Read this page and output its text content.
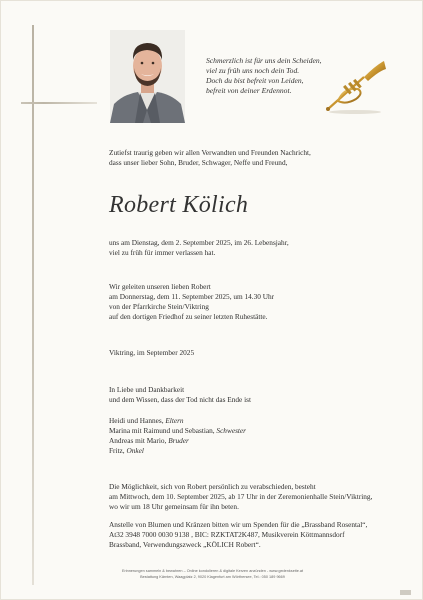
Schmerzlich ist für uns dein Scheiden,
viel zu früh uns noch dein Tod.
Doch du bist befreit von Leiden,
befreit von deiner Erdennot.
Zutiefst traurig geben wir allen Verwandten und Freunden Nachricht,
dass unser lieber Sohn, Bruder, Schwager, Neffe und Freund,
Robert Kölich
uns am Dienstag, dem 2. September 2025, im 26. Lebensjahr,
viel zu früh für immer verlassen hat.
Wir geleiten unseren lieben Robert
am Donnerstag, dem 11. September 2025, um 14.30 Uhr
von der Pfarrkirche Stein/Viktring
auf den dortigen Friedhof zu seiner letzten Ruhestätte.
Viktring, im September 2025
In Liebe und Dankbarkeit
und dem Wissen, dass der Tod nicht das Ende ist
Heidi und Hannes, Eltern
Marina mit Raimund und Sebastian, Schwester
Andreas mit Mario, Bruder
Fritz, Onkel
Die Möglichkeit, sich von Robert persönlich zu verabschieden, besteht
am Mittwoch, dem 10. September 2025, ab 17 Uhr in der Zeremonienhalle Stein/Viktring,
wo wir um 18 Uhr gemeinsam für ihn beten.
Anstelle von Blumen und Kränzen bitten wir um Spenden für die „Brassband Rosental“,
At32 3948 7000 0030 9138 , BIC: RZKTAT2K487, Musikverein Köttmannsdorf
Brassband, Verwendungszweck „KÖLICH Robert“.
Erinnerungen sammeln & bewahren – Online kondolieren & digitale Kerzen anzünden - www.gedenkseite.at
Bestattung Kärnten, Waagplatz 2, 9020 Klagenfurt am Wörthersee, Tel.: 050 189 9669
